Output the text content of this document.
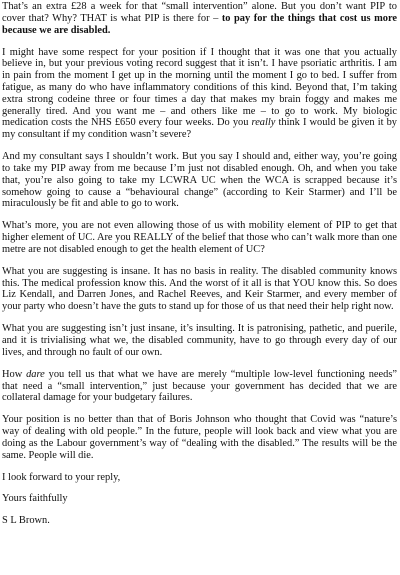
That’s an extra £28 a week for that “small intervention” alone. But you don’t want PIP to cover that? Why? THAT is what PIP is there for – to pay for the things that cost us more because we are disabled.

I might have some respect for your position if I thought that it was one that you actually believe in, but your previous voting record suggest that it isn’t. I have psoriatic arthritis. I am in pain from the moment I get up in the morning until the moment I go to bed. I suffer from fatigue, as many do who have inflammatory conditions of this kind. Beyond that, I’m taking extra strong codeine three or four times a day that makes my brain foggy and makes me generally tired. And you want me – and others like me – to go to work. My biologic medication costs the NHS £650 every four weeks. Do you really think I would be given it by my consultant if my condition wasn’t severe?

And my consultant says I shouldn’t work. But you say I should and, either way, you’re going to take my PIP away from me because I’m just not disabled enough. Oh, and when you take that, you’re also going to take my LCWRA UC when the WCA is scrapped because it’s somehow going to cause a “behavioural change” (according to Keir Starmer) and I’ll be miraculously be fit and able to go to work.

What’s more, you are not even allowing those of us with mobility element of PIP to get that higher element of UC. Are you REALLY of the belief that those who can’t walk more than one metre are not disabled enough to get the health element of UC?

What you are suggesting is insane. It has no basis in reality. The disabled community knows this. The medical profession know this. And the worst of it all is that YOU know this. So does Liz Kendall, and Darren Jones, and Rachel Reeves, and Keir Starmer, and every member of your party who doesn’t have the guts to stand up for those of us that need their help right now.

What you are suggesting isn’t just insane, it’s insulting. It is patronising, pathetic, and puerile, and it is trivialising what we, the disabled community, have to go through every day of our lives, and through no fault of our own.

How dare you tell us that what we have are merely “multiple low-level functioning needs” that need a “small intervention,” just because your government has decided that we are collateral damage for your budgetary failures.

Your position is no better than that of Boris Johnson who thought that Covid was “nature’s way of dealing with old people.” In the future, people will look back and view what you are doing as the Labour government’s way of “dealing with the disabled.” The results will be the same. People will die.

I look forward to your reply,

Yours faithfully

S L Brown.
